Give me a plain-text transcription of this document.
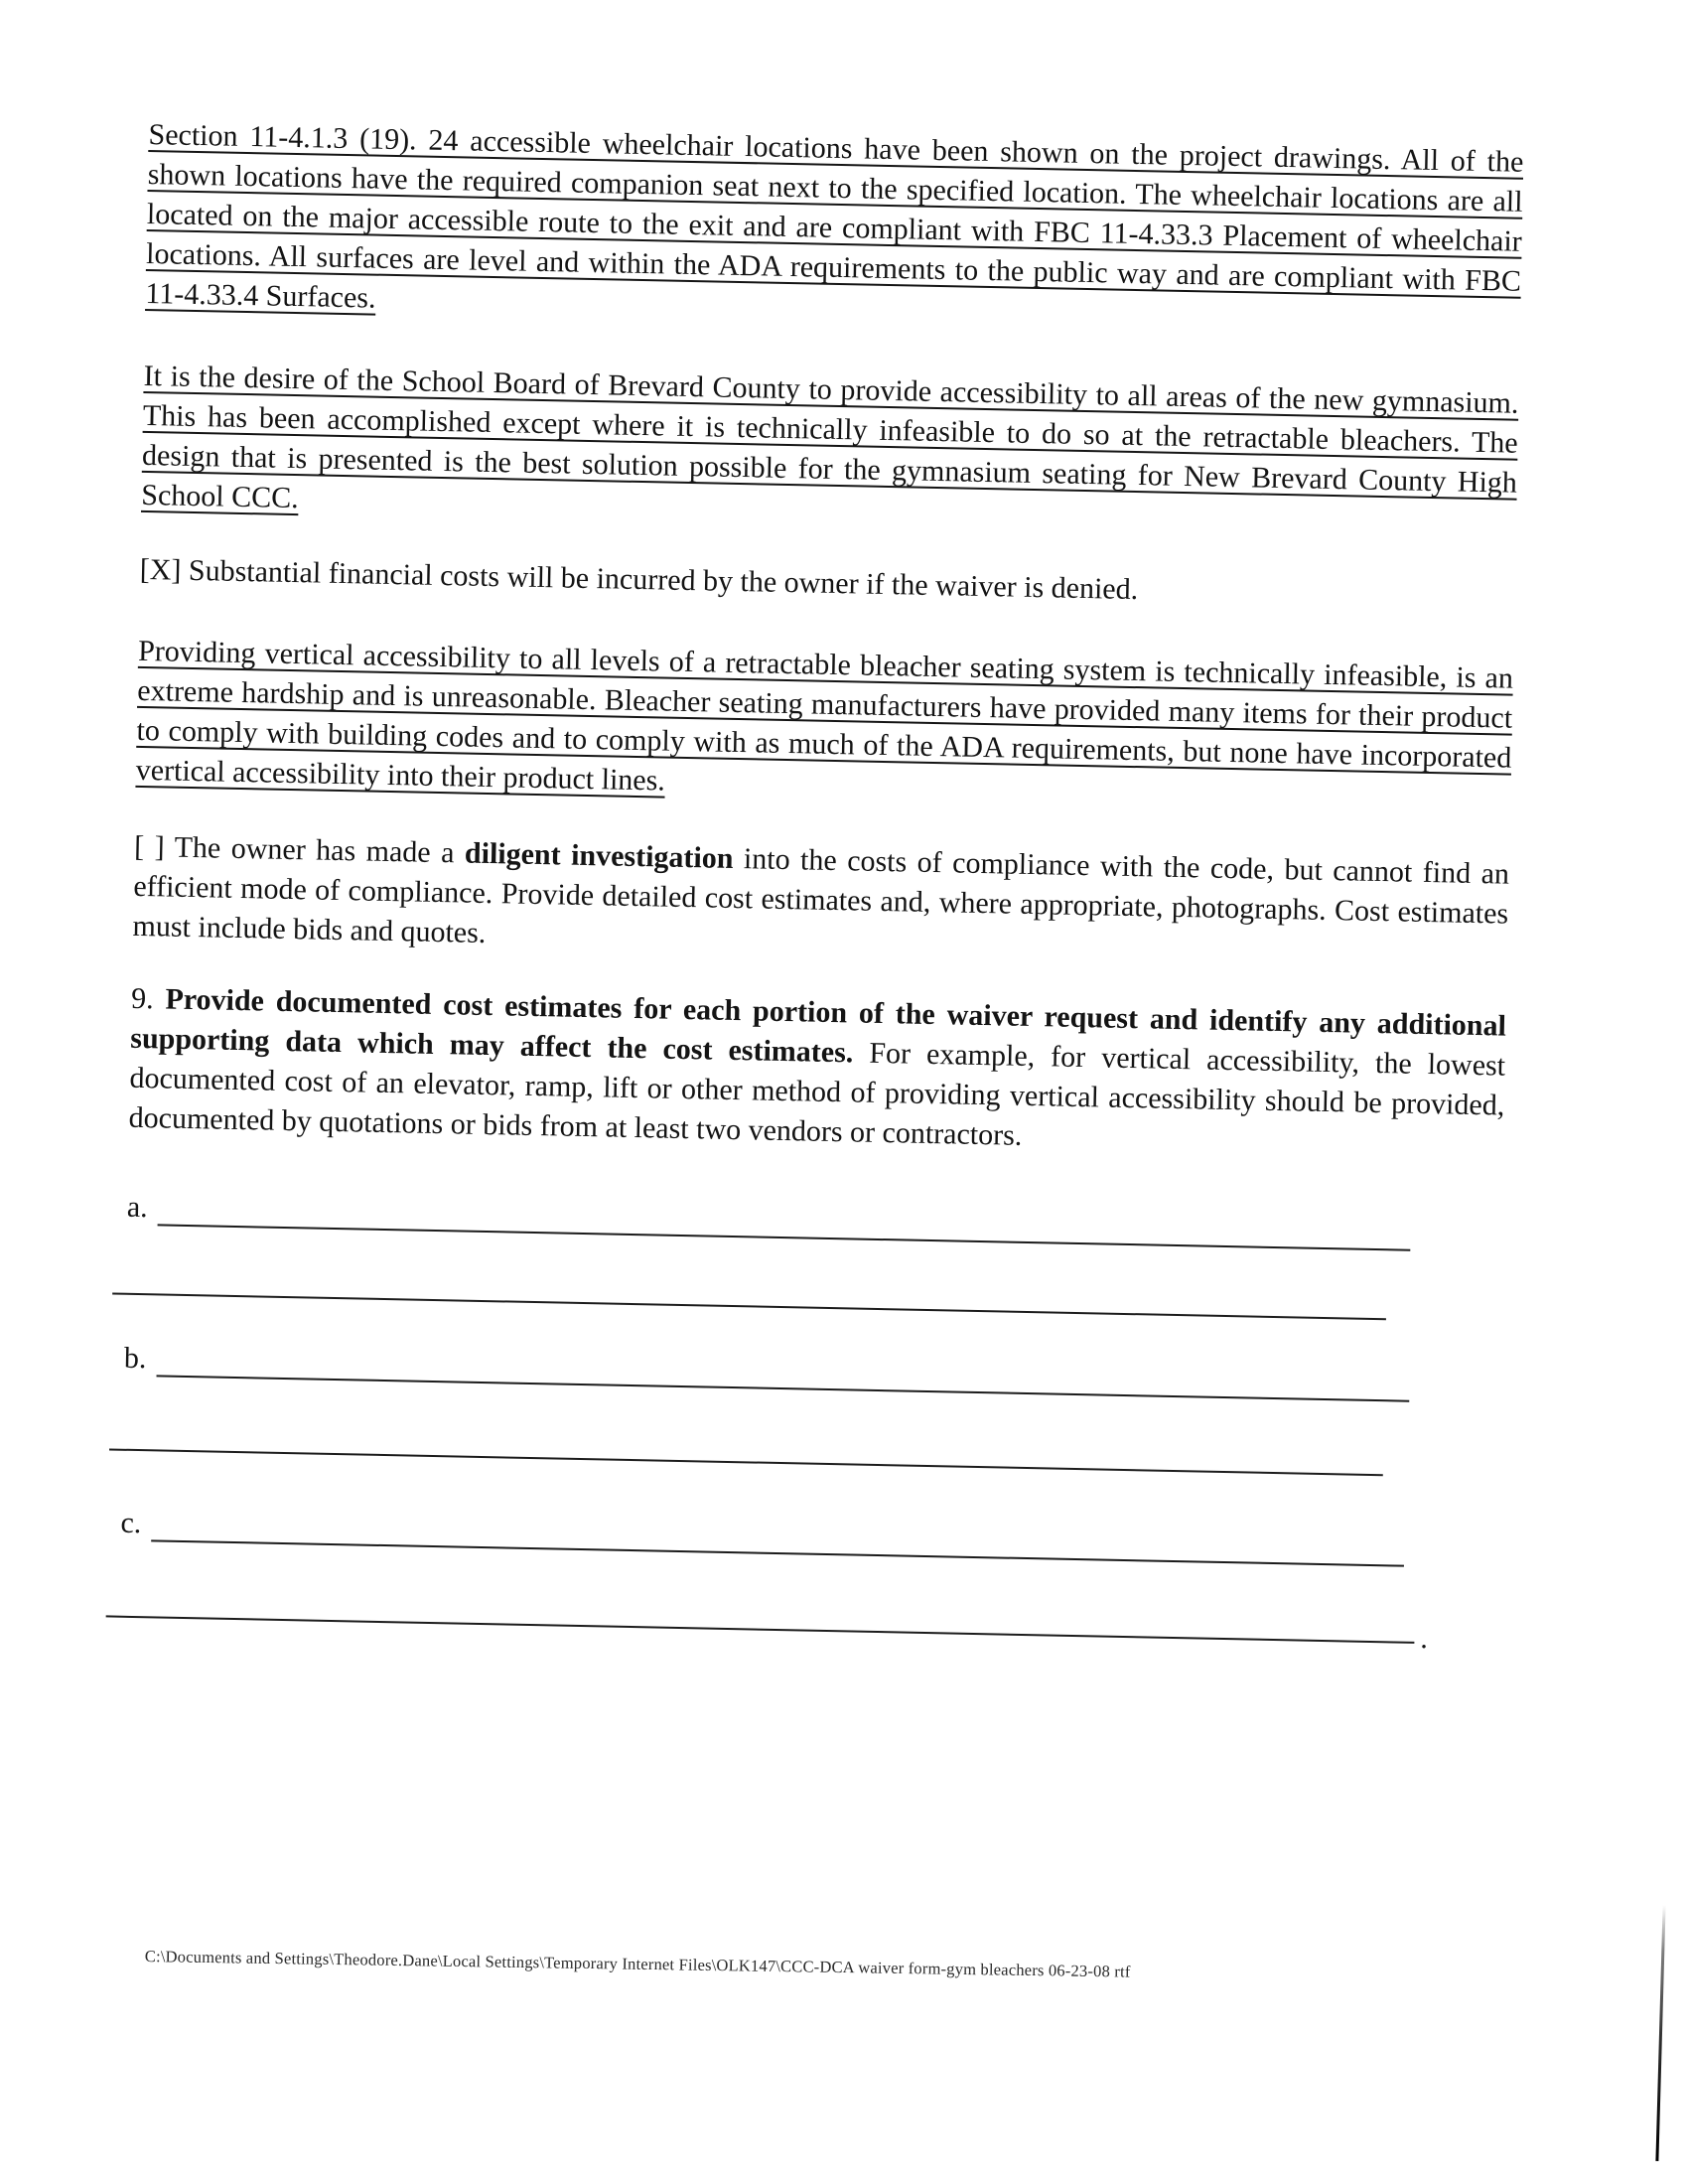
Section 11-4.1.3 (19). 24 accessible wheelchair locations have been shown on the project drawings. All of the shown locations have the required companion seat next to the specified location. The wheelchair locations are all located on the major accessible route to the exit and are compliant with FBC 11-4.33.3 Placement of wheelchair locations. All surfaces are level and within the ADA requirements to the public way and are compliant with FBC 11-4.33.4 Surfaces.

It is the desire of the School Board of Brevard County to provide accessibility to all areas of the new gymnasium. This has been accomplished except where it is technically infeasible to do so at the retractable bleachers. The design that is presented is the best solution possible for the gymnasium seating for New Brevard County High School CCC.

[X] Substantial financial costs will be incurred by the owner if the waiver is denied.

Providing vertical accessibility to all levels of a retractable bleacher seating system is technically infeasible, is an extreme hardship and is unreasonable. Bleacher seating manufacturers have provided many items for their product to comply with building codes and to comply with as much of the ADA requirements, but none have incorporated vertical accessibility into their product lines.

[ ] The owner has made a diligent investigation into the costs of compliance with the code, but cannot find an efficient mode of compliance. Provide detailed cost estimates and, where appropriate, photographs. Cost estimates must include bids and quotes.

9. Provide documented cost estimates for each portion of the waiver request and identify any additional supporting data which may affect the cost estimates. For example, for vertical accessibility, the lowest documented cost of an elevator, ramp, lift or other method of providing vertical accessibility should be provided, documented by quotations or bids from at least two vendors or contractors.

a.
b.
c.
.
C:\Documents and Settings\Theodore.Dane\Local Settings\Temporary Internet Files\OLK147\CCC-DCA waiver form-gym bleachers 06-23-08 rtf
